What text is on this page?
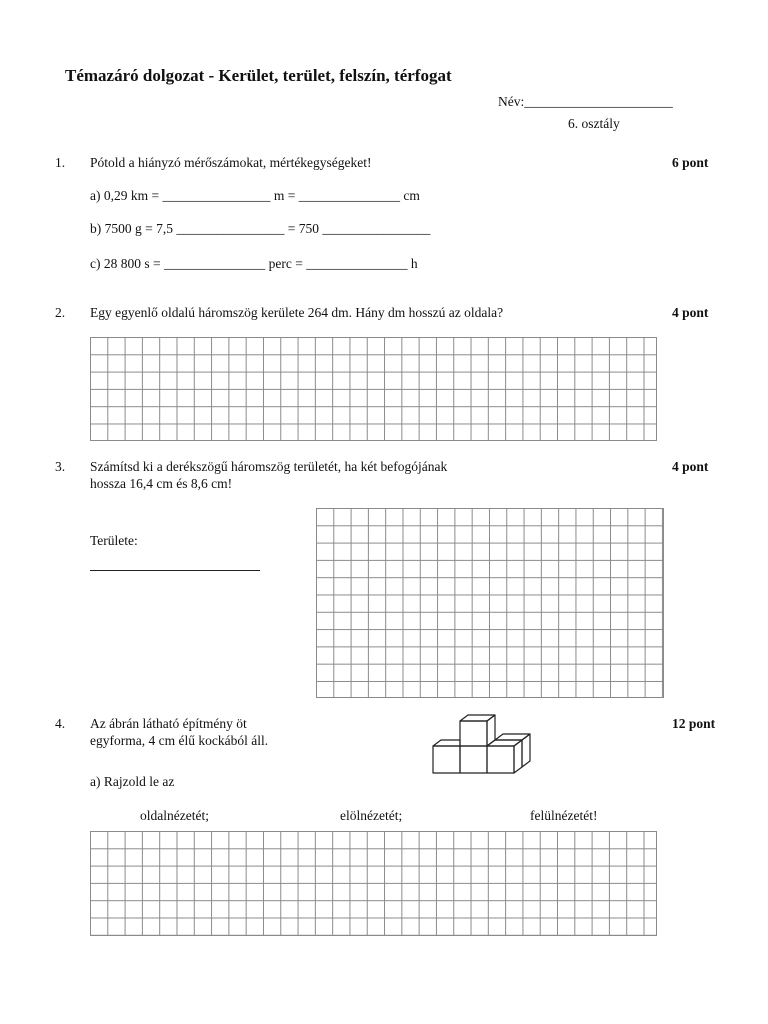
Témazáró dolgozat - Kerület, terület, felszín, térfogat
Név:______________________
6. osztály
1. Pótold a hiányzó mérőszámokat, mértékegységeket!	6 pont
a) 0,29 km = ________________ m = _______________ cm
b) 7500 g = 7,5 ________________ = 750 ________________
c) 28 800 s = _______________ perc = _______________ h
2. Egy egyenlő oldalú háromszög kerülete 264 dm. Hány dm hosszú az oldala?	4 pont
3. Számítsd ki a derékszögű háromszög területét, ha két befogójának
hossza 16,4 cm és 8,6 cm!
4 pont
Területe:
4. Az ábrán látható építmény öt
egyforma, 4 cm élű kockából áll.
12 pont
a) Rajzold le az
oldalnézetét;	elölnézetét;	felülnézetét!
